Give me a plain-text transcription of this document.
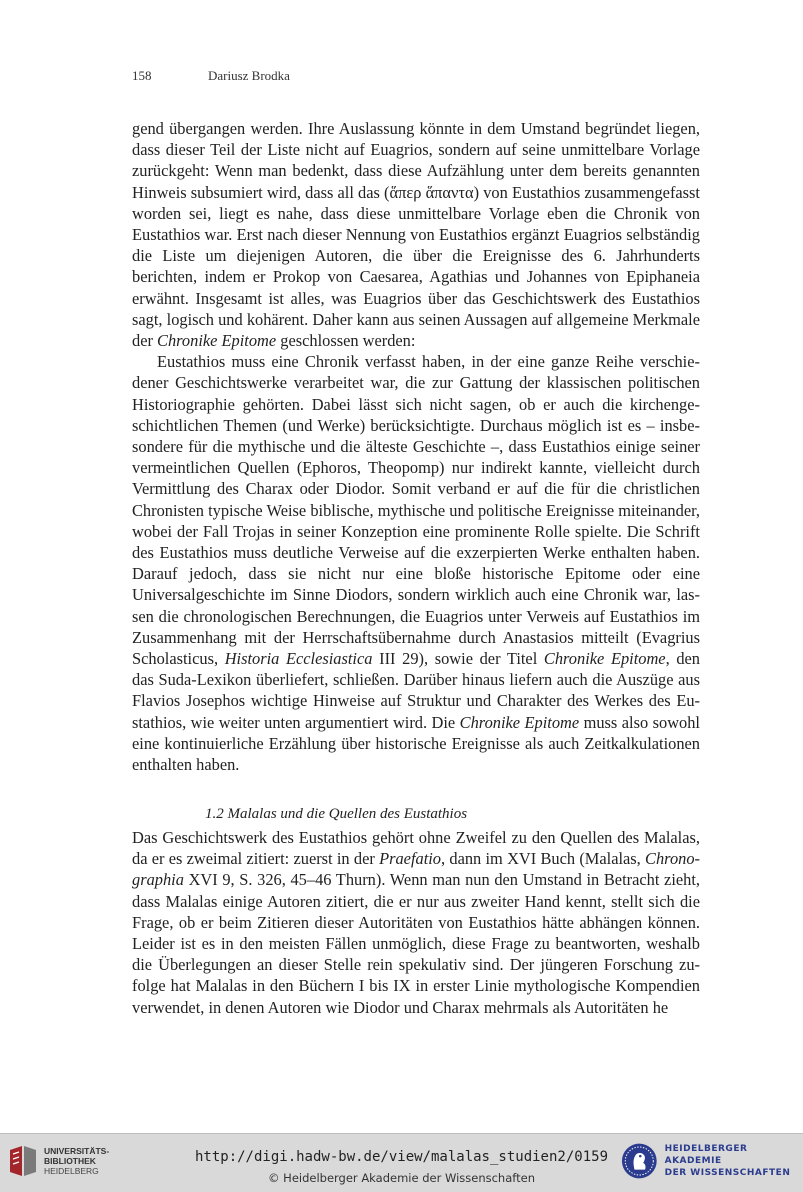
158	Dariusz Brodka

gend übergangen werden. Ihre Auslassung könnte in dem Umstand begründet liegen, dass dieser Teil der Liste nicht auf Euagrios, sondern auf seine unmittelbare Vorlage zurückgeht: Wenn man bedenkt, dass diese Aufzählung unter dem bereits genannten Hinweis subsumiert wird, dass all das (ἅπερ ἅπαντα) von Eustathios zusammengefasst worden sei, liegt es nahe, dass diese unmittelbare Vorlage eben die Chronik von Eustathios war. Erst nach dieser Nennung von Eustathios ergänzt Euagrios selbständig die Liste um diejenigen Autoren, die über die Ereignisse des 6. Jahrhunderts berichten, indem er Prokop von Caesarea, Agathias und Johannes von Epiphaneia erwähnt. Insgesamt ist alles, was Euagrios über das Geschichtswerk des Eustathios sagt, logisch und kohärent. Daher kann aus seinen Aussagen auf allgemeine Merkmale der Chronike Epitome geschlossen werden:

Eustathios muss eine Chronik verfasst haben, in der eine ganze Reihe verschiedener Geschichtswerke verarbeitet war, die zur Gattung der klassischen politischen Historiographie gehörten. Dabei lässt sich nicht sagen, ob er auch die kirchengeschichtlichen Themen (und Werke) berücksichtigte. Durchaus möglich ist es – insbesondere für die mythische und die älteste Geschichte –, dass Eustathios einige seiner vermeintlichen Quellen (Ephoros, Theopomp) nur indirekt kannte, vielleicht durch Vermittlung des Charax oder Diodor. Somit verband er auf die für die christlichen Chronisten typische Weise biblische, mythische und politische Ereignisse miteinander, wobei der Fall Trojas in seiner Konzeption eine prominente Rolle spielte. Die Schrift des Eustathios muss deutliche Verweise auf die exzerpierten Werke enthalten haben. Darauf jedoch, dass sie nicht nur eine bloße historische Epitome oder eine Universalgeschichte im Sinne Diodors, sondern wirklich auch eine Chronik war, lassen die chronologischen Berechnungen, die Euagrios unter Verweis auf Eustathios im Zusammenhang mit der Herrschaftsübernahme durch Anastasios mitteilt (Evagrius Scholasticus, Historia Ecclesiastica III 29), sowie der Titel Chronike Epitome, den das Suda-Lexikon überliefert, schließen. Darüber hinaus liefern auch die Auszüge aus Flavios Josephos wichtige Hinweise auf Struktur und Charakter des Werkes des Eustathios, wie weiter unten argumentiert wird. Die Chronike Epitome muss also sowohl eine kontinuierliche Erzählung über historische Ereignisse als auch Zeitkalkulationen enthalten haben.

1.2 Malalas und die Quellen des Eustathios

Das Geschichtswerk des Eustathios gehört ohne Zweifel zu den Quellen des Malalas, da er es zweimal zitiert: zuerst in der Praefatio, dann im XVI Buch (Malalas, Chronographia XVI 9, S. 326, 45–46 Thurn). Wenn man nun den Umstand in Betracht zieht, dass Malalas einige Autoren zitiert, die er nur aus zweiter Hand kennt, stellt sich die Frage, ob er beim Zitieren dieser Autoritäten von Eustathios hätte abhängen können. Leider ist es in den meisten Fällen unmöglich, diese Frage zu beantworten, weshalb die Überlegungen an dieser Stelle rein spekulativ sind. Der jüngeren Forschung zufolge hat Malalas in den Büchern I bis IX in erster Linie mythologische Kompendien verwendet, in denen Autoren wie Diodor und Charax mehrmals als Autoritäten he

UNIVERSITÄTS-
BIBLIOTHEK
HEIDELBERG
http://digi.hadw-bw.de/view/malalas_studien2/0159
© Heidelberger Akademie der Wissenschaften
HEIDELBERGER AKADEMIE
DER WISSENSCHAFTEN
